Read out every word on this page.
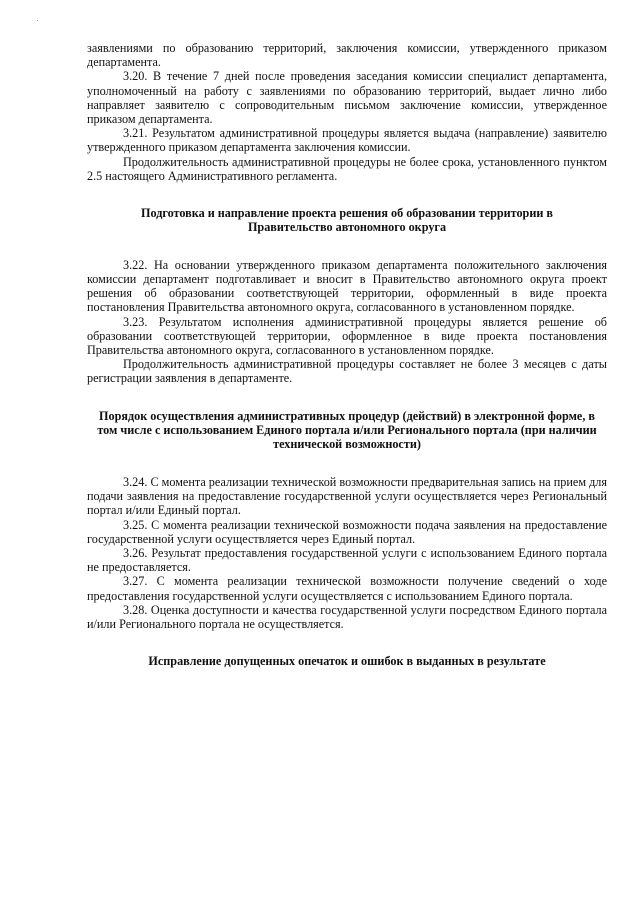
заявлениями по образованию территорий, заключения комиссии, утвержденного приказом департамента.

3.20. В течение 7 дней после проведения заседания комиссии специалист департамента, уполномоченный на работу с заявлениями по образованию территорий, выдает лично либо направляет заявителю с сопроводительным письмом заключение комиссии, утвержденное приказом департамента.

3.21. Результатом административной процедуры является выдача (направление) заявителю утвержденного приказом департамента заключения комиссии.

Продолжительность административной процедуры не более срока, установленного пунктом 2.5 настоящего Административного регламента.

Подготовка и направление проекта решения об образовании территории в Правительство автономного округа

3.22. На основании утвержденного приказом департамента положительного заключения комиссии департамент подготавливает и вносит в Правительство автономного округа проект решения об образовании соответствующей территории, оформленный в виде проекта постановления Правительства автономного округа, согласованного в установленном порядке.

3.23. Результатом исполнения административной процедуры является решение об образовании соответствующей территории, оформленное в виде проекта постановления Правительства автономного округа, согласованного в установленном порядке.

Продолжительность административной процедуры составляет не более 3 месяцев с даты регистрации заявления в департаменте.

Порядок осуществления административных процедур (действий) в электронной форме, в том числе с использованием Единого портала и/или Регионального портала (при наличии технической возможности)

3.24. С момента реализации технической возможности предварительная запись на прием для подачи заявления на предоставление государственной услуги осуществляется через Региональный портал и/или Единый портал.

3.25. С момента реализации технической возможности подача заявления на предоставление государственной услуги осуществляется через Единый портал.

3.26. Результат предоставления государственной услуги с использованием Единого портала не предоставляется.

3.27. С момента реализации технической возможности получение сведений о ходе предоставления государственной услуги осуществляется с использованием Единого портала.

3.28. Оценка доступности и качества государственной услуги посредством Единого портала и/или Регионального портала не осуществляется.

Исправление допущенных опечаток и ошибок в выданных в результате
